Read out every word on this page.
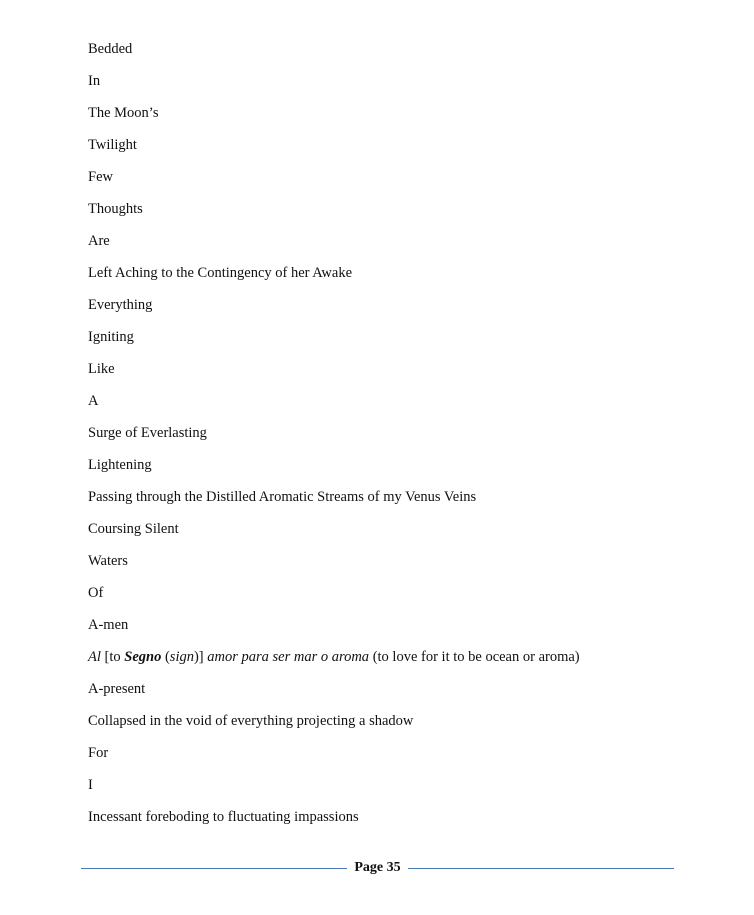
Bedded
In
The Moon’s
Twilight
Few
Thoughts
Are
Left Aching to the Contingency of her Awake
Everything
Igniting
Like
A
Surge of Everlasting
Lightening
Passing through the Distilled Aromatic Streams of my Venus Veins
Coursing Silent
Waters
Of
A-men
Al [to Segno (sign)] amor para ser mar o aroma (to love for it to be ocean or aroma)
A-present
Collapsed in the void of everything projecting a shadow
For
I
Incessant foreboding to fluctuating impassions
Page 35
